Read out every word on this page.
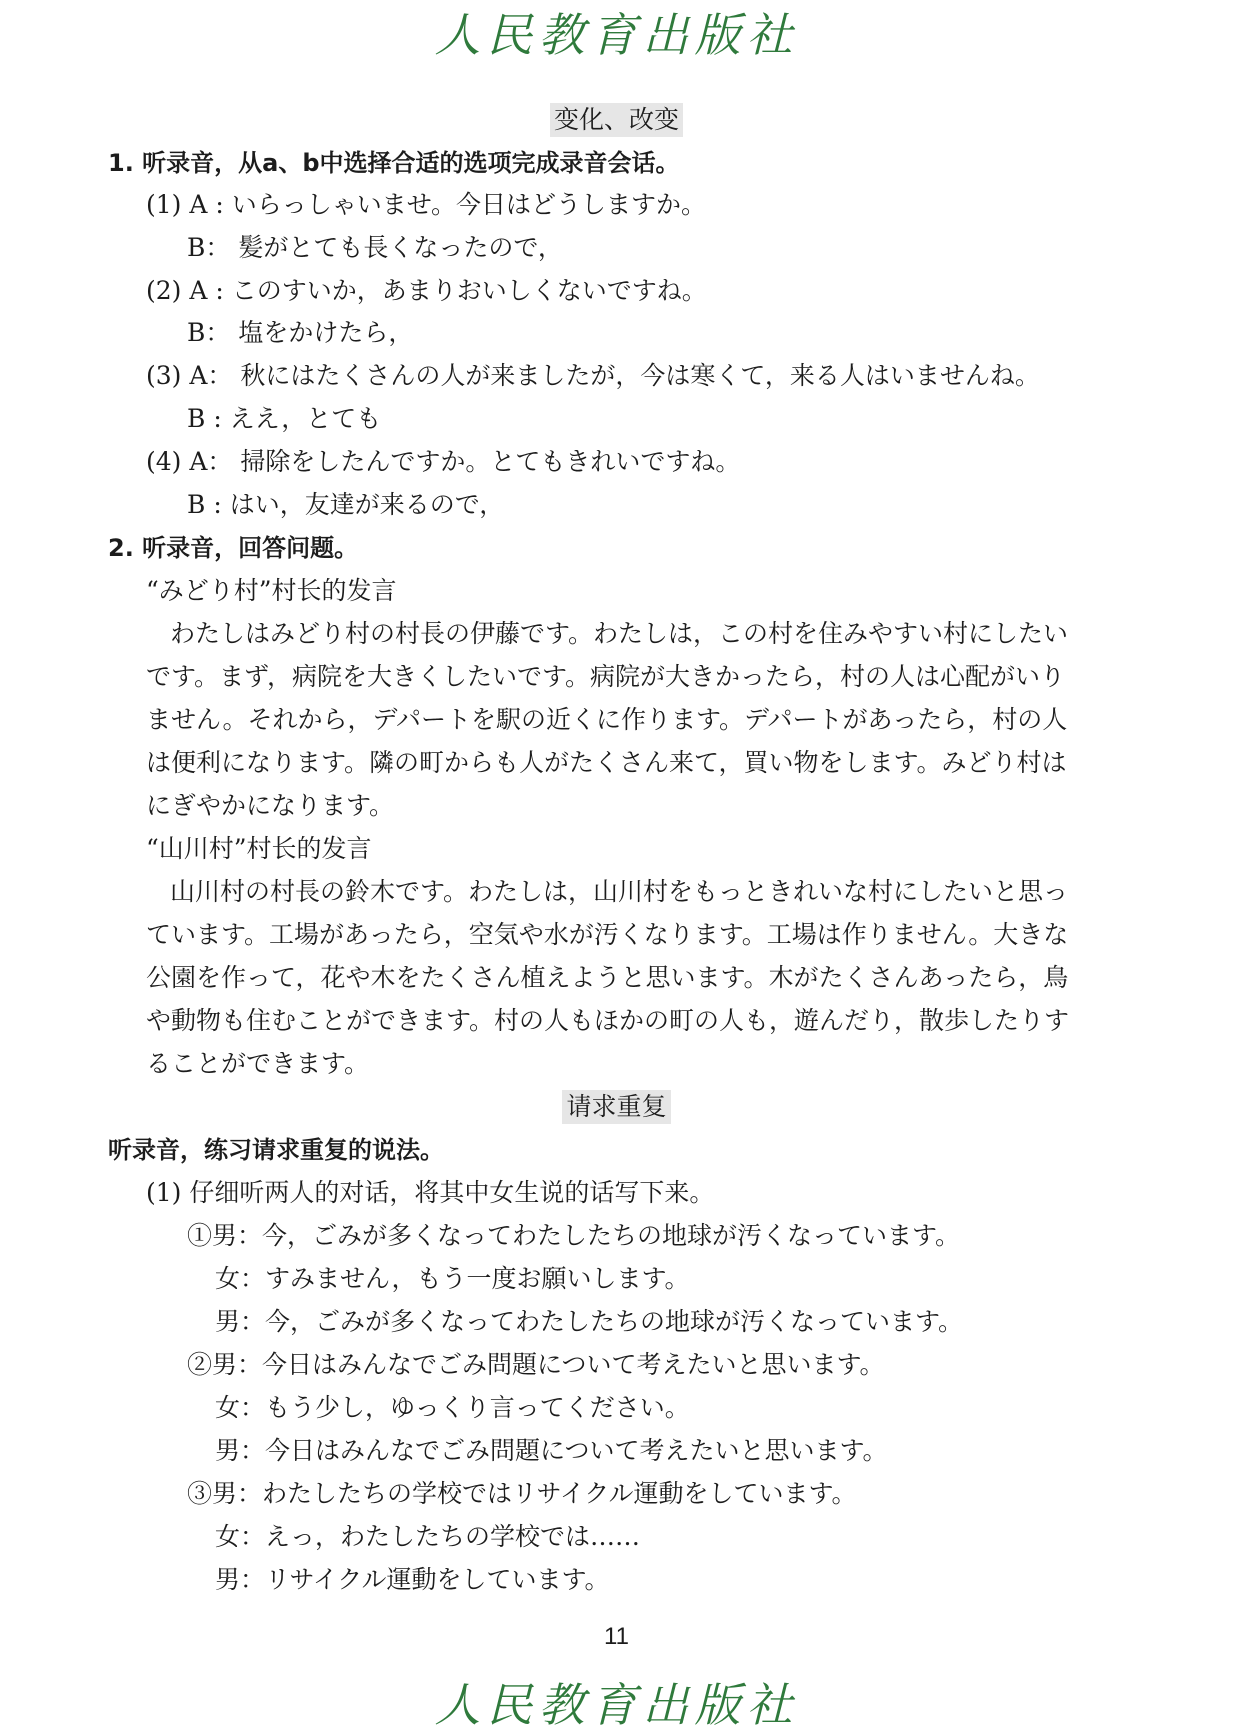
人民教育出版社
变化、改变
1. 听录音，从a、b中选择合适的选项完成录音会话。
(1) A : いらっしゃいませ。今日はどうしますか。
B： 髪がとても長くなったので，
(2) A : このすいか，あまりおいしくないですね。
B： 塩をかけたら，
(3) A： 秋にはたくさんの人が来ましたが，今は寒くて，来る人はいませんね。
B : ええ，とても
(4) A： 掃除をしたんですか。とてもきれいですね。
B : はい，友達が来るので，
2. 听录音，回答问题。
“みどり村”村长的发言
わたしはみどり村の村長の伊藤です。わたしは，この村を住みやすい村にしたい
です。まず，病院を大きくしたいです。病院が大きかったら，村の人は心配がいり
ません。それから，デパートを駅の近くに作ります。デパートがあったら，村の人
は便利になります。隣の町からも人がたくさん来て，買い物をします。みどり村は
にぎやかになります。
“山川村”村长的发言
山川村の村長の鈴木です。わたしは，山川村をもっときれいな村にしたいと思っ
ています。工場があったら，空気や水が汚くなります。工場は作りません。大きな
公園を作って，花や木をたくさん植えようと思います。木がたくさんあったら，鳥
や動物も住むことができます。村の人もほかの町の人も，遊んだり，散歩したりす
ることができます。
请求重复
听录音，练习请求重复的说法。
(1) 仔细听两人的对话，将其中女生说的话写下来。
①男：今，ごみが多くなってわたしたちの地球が汚くなっています。
女：すみません，もう一度お願いします。
男：今，ごみが多くなってわたしたちの地球が汚くなっています。
②男：今日はみんなでごみ問題について考えたいと思います。
女：もう少し，ゆっくり言ってください。
男：今日はみんなでごみ問題について考えたいと思います。
③男：わたしたちの学校ではリサイクル運動をしています。
女：えっ，わたしたちの学校では……
男：リサイクル運動をしています。
11
人民教育出版社
